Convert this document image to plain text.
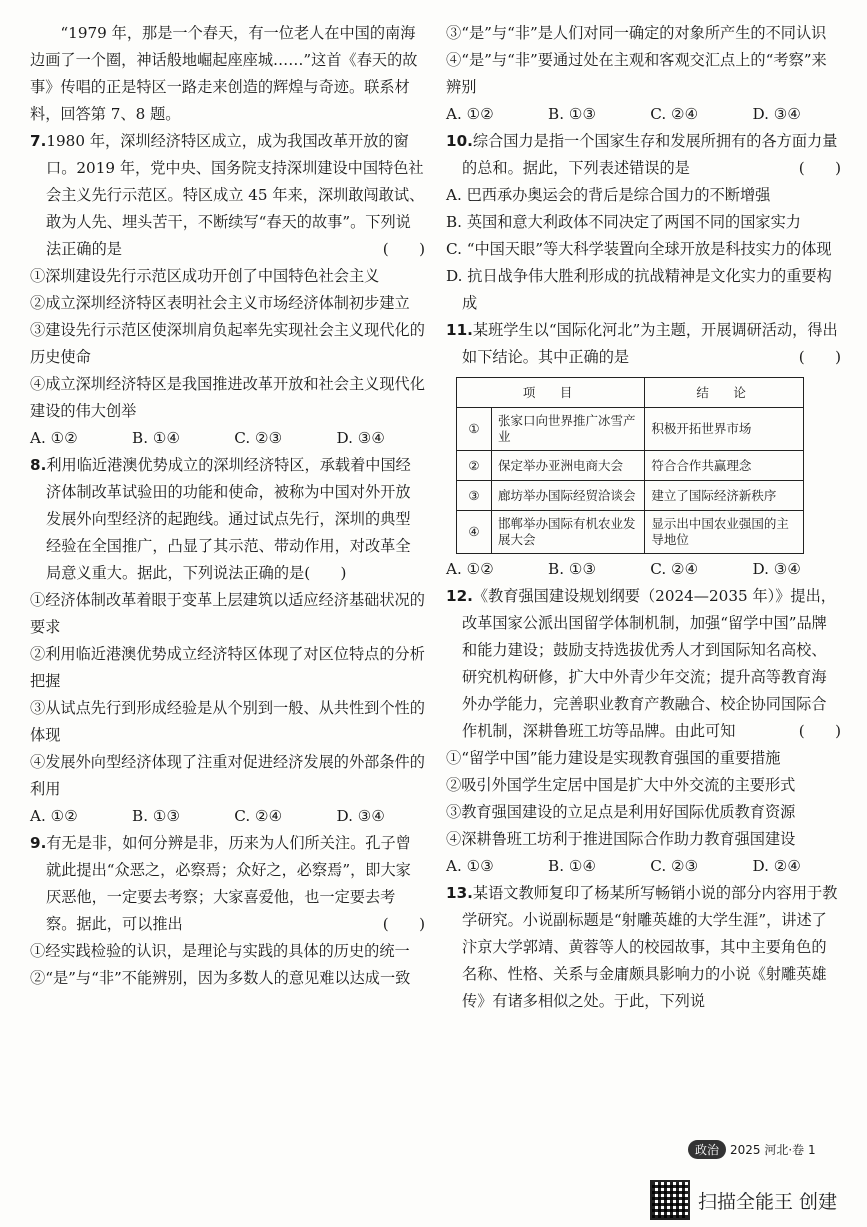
“1979 年，那是一个春天，有一位老人在中国的南海边画了一个圈，神话般地崛起座座城……”这首《春天的故事》传唱的正是特区一路走来创造的辉煌与奇迹。联系材料，回答第 7、8 题。

7.1980 年，深圳经济特区成立，成为我国改革开放的窗口。2019 年，党中央、国务院支持深圳建设中国特色社会主义先行示范区。特区成立 45 年来，深圳敢闯敢试、敢为人先、埋头苦干，不断续写“春天的故事”。下列说法正确的是	(　　)

①深圳建设先行示范区成功开创了中国特色社会主义

②成立深圳经济特区表明社会主义市场经济体制初步建立

③建设先行示范区使深圳肩负起率先实现社会主义现代化的历史使命

④成立深圳经济特区是我国推进改革开放和社会主义现代化建设的伟大创举

A. ①②	B. ①④	C. ②③	D. ③④

8.利用临近港澳优势成立的深圳经济特区，承载着中国经济体制改革试验田的功能和使命，被称为中国对外开放发展外向型经济的起跑线。通过试点先行，深圳的典型经验在全国推广，凸显了其示范、带动作用，对改革全局意义重大。据此，下列说法正确的是(　　)

①经济体制改革着眼于变革上层建筑以适应经济基础状况的要求

②利用临近港澳优势成立经济特区体现了对区位特点的分析把握

③从试点先行到形成经验是从个别到一般、从共性到个性的体现

④发展外向型经济体现了注重对促进经济发展的外部条件的利用

A. ①②	B. ①③	C. ②④	D. ③④

9.有无是非，如何分辨是非，历来为人们所关注。孔子曾就此提出“众恶之，必察焉；众好之，必察焉”，即大家厌恶他，一定要去考察；大家喜爱他，也一定要去考察。据此，可以推出	(　　)

①经实践检验的认识，是理论与实践的具体的历史的统一

②“是”与“非”不能辨别，因为多数人的意见难以达成一致

③“是”与“非”是人们对同一确定的对象所产生的不同认识

④“是”与“非”要通过处在主观和客观交汇点上的“考察”来辨别

A. ①②	B. ①③	C. ②④	D. ③④

10.综合国力是指一个国家生存和发展所拥有的各方面力量的总和。据此，下列表述错误的是	(　　)

A. 巴西承办奥运会的背后是综合国力的不断增强

B. 英国和意大利政体不同决定了两国不同的国家实力

C. “中国天眼”等大科学装置向全球开放是科技实力的体现

D. 抗日战争伟大胜利形成的抗战精神是文化实力的重要构成

11.某班学生以“国际化河北”为主题，开展调研活动，得出如下结论。其中正确的是	(　　)

项　目		结　论
①	张家口向世界推广冰雪产业	积极开拓世界市场
②	保定举办亚洲电商大会	符合合作共赢理念
③	廊坊举办国际经贸洽谈会	建立了国际经济新秩序
④	邯郸举办国际有机农业发展大会	显示出中国农业强国的主导地位
A. ①②	B. ①③	C. ②④	D. ③④

12.《教育强国建设规划纲要（2024—2035 年）》提出，改革国家公派出国留学体制机制，加强“留学中国”品牌和能力建设；鼓励支持选拔优秀人才到国际知名高校、研究机构研修，扩大中外青少年交流；提升高等教育海外办学能力，完善职业教育产教融合、校企协同国际合作机制，深耕鲁班工坊等品牌。由此可知	(　　)

①“留学中国”能力建设是实现教育强国的重要措施

②吸引外国学生定居中国是扩大中外交流的主要形式

③教育强国建设的立足点是利用好国际优质教育资源

④深耕鲁班工坊利于推进国际合作助力教育强国建设

A. ①③	B. ①④	C. ②③	D. ②④

13.某语文教师复印了杨某所写畅销小说的部分内容用于教学研究。小说副标题是“射雕英雄的大学生涯”，讲述了汴京大学郭靖、黄蓉等人的校园故事，其中主要角色的名称、性格、关系与金庸颇具影响力的小说《射雕英雄传》有诸多相似之处。于此，下列说

政治 2025 河北·卷 1
扫描全能王 创建
